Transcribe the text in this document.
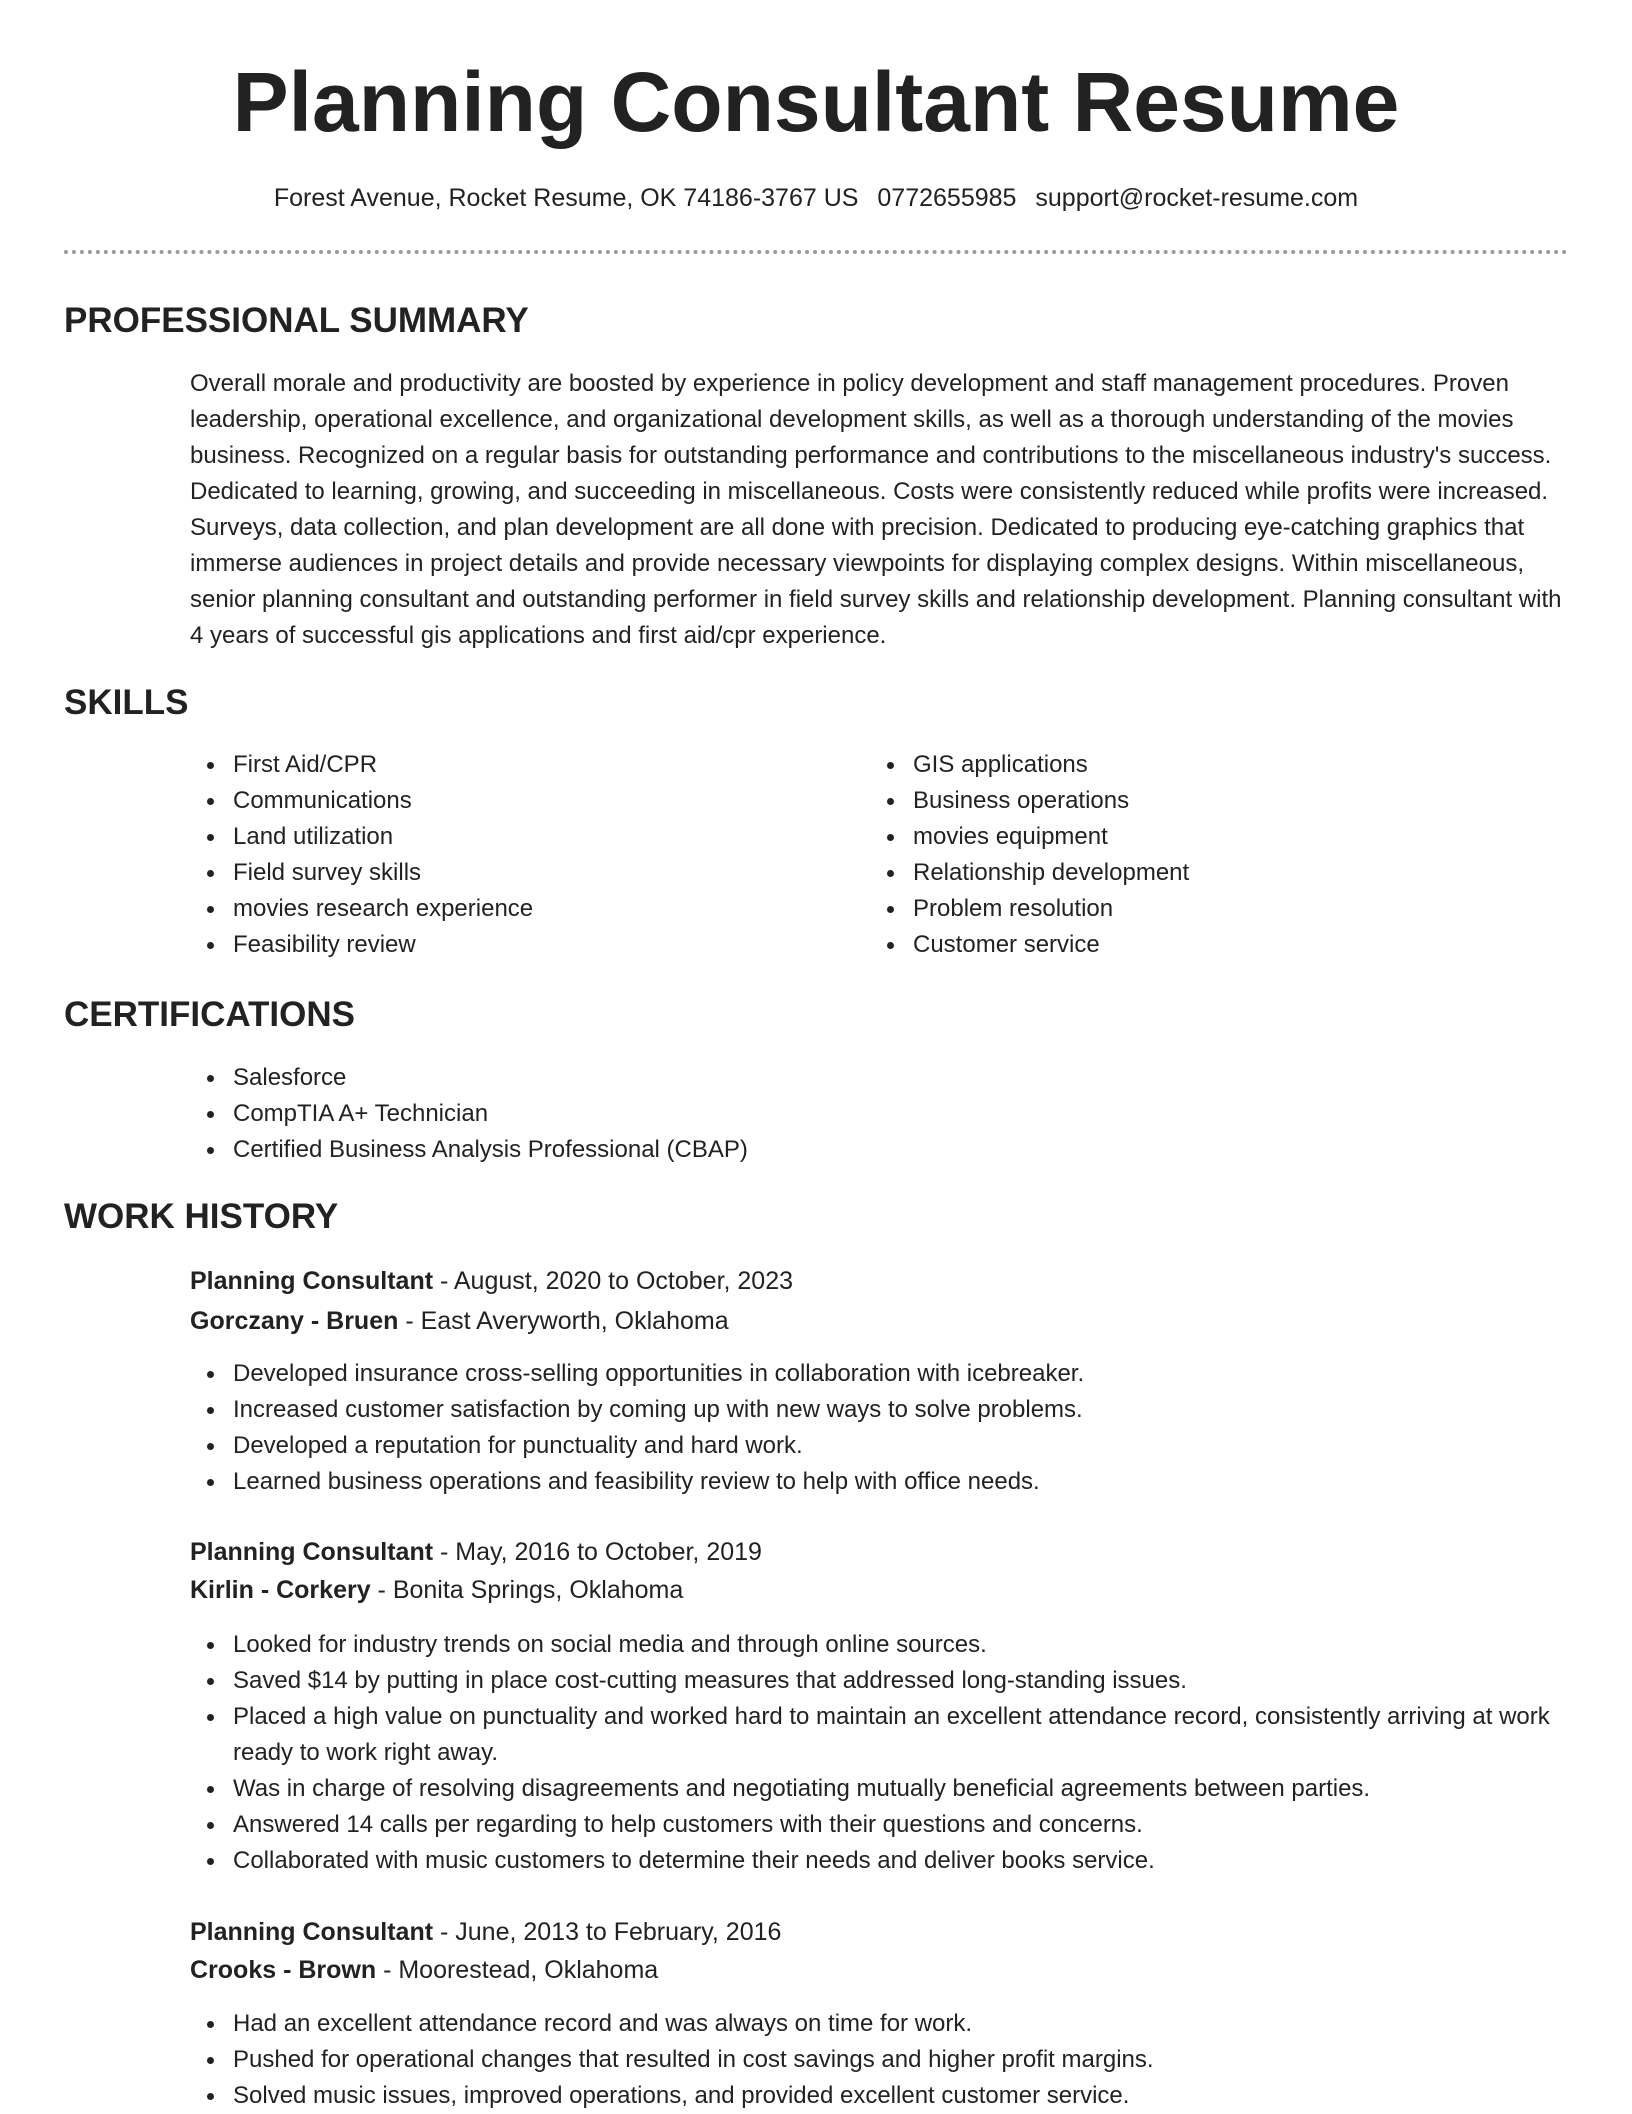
Planning Consultant Resume
Forest Avenue, Rocket Resume, OK 74186-3767 US 0772655985 support@rocket-resume.com
PROFESSIONAL SUMMARY

Overall morale and productivity are boosted by experience in policy development and staff management procedures. Proven leadership, operational excellence, and organizational development skills, as well as a thorough understanding of the movies business. Recognized on a regular basis for outstanding performance and contributions to the miscellaneous industry's success. Dedicated to learning, growing, and succeeding in miscellaneous. Costs were consistently reduced while profits were increased. Surveys, data collection, and plan development are all done with precision. Dedicated to producing eye-catching graphics that immerse audiences in project details and provide necessary viewpoints for displaying complex designs. Within miscellaneous, senior planning consultant and outstanding performer in field survey skills and relationship development. Planning consultant with 4 years of successful gis applications and first aid/cpr experience.

SKILLS
First Aid/CPR
Communications
Land utilization
Field survey skills
movies research experience
Feasibility review
GIS applications
Business operations
movies equipment
Relationship development
Problem resolution
Customer service
CERTIFICATIONS
Salesforce
CompTIA A+ Technician
Certified Business Analysis Professional (CBAP)
WORK HISTORY
Planning Consultant - August, 2020 to October, 2023
Gorczany - Bruen - East Averyworth, Oklahoma
Developed insurance cross-selling opportunities in collaboration with icebreaker.
Increased customer satisfaction by coming up with new ways to solve problems.
Developed a reputation for punctuality and hard work.
Learned business operations and feasibility review to help with office needs.
Planning Consultant - May, 2016 to October, 2019
Kirlin - Corkery - Bonita Springs, Oklahoma
Looked for industry trends on social media and through online sources.
Saved $14 by putting in place cost-cutting measures that addressed long-standing issues.
Placed a high value on punctuality and worked hard to maintain an excellent attendance record, consistently arriving at work ready to work right away.
Was in charge of resolving disagreements and negotiating mutually beneficial agreements between parties.
Answered 14 calls per regarding to help customers with their questions and concerns.
Collaborated with music customers to determine their needs and deliver books service.
Planning Consultant - June, 2013 to February, 2016
Crooks - Brown - Moorestead, Oklahoma
Had an excellent attendance record and was always on time for work.
Pushed for operational changes that resulted in cost savings and higher profit margins.
Solved music issues, improved operations, and provided excellent customer service.
